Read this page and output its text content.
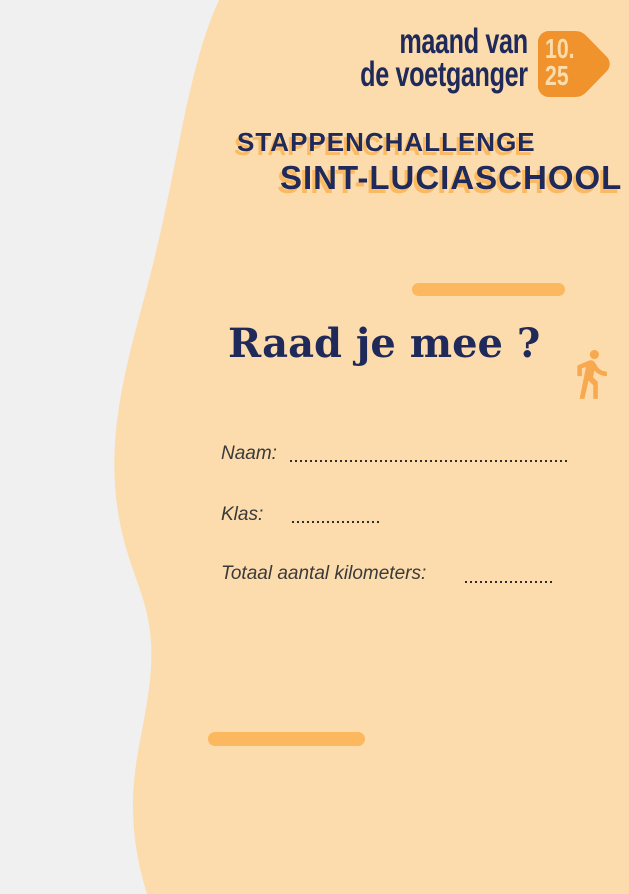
maand van
de voetganger
10.
25
STAPPENCHALLENGE
SINT-LUCIASCHOOL
Raad je mee ?
Naam:
Klas:
Totaal aantal kilometers:
